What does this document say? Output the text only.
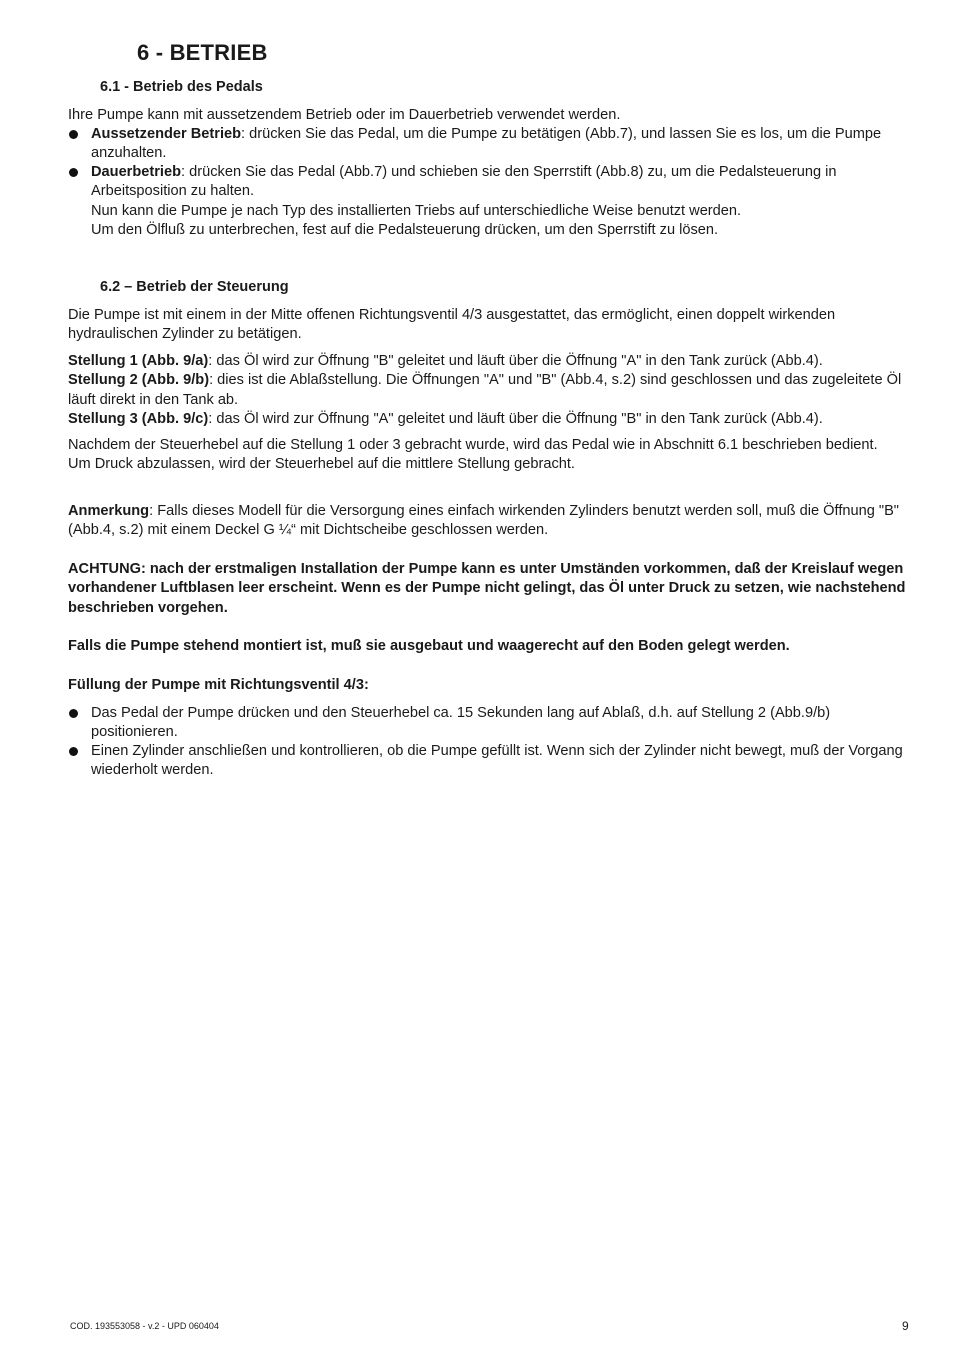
6 - BETRIEB
6.1 - Betrieb des Pedals

Ihre Pumpe kann mit aussetzendem Betrieb oder im Dauerbetrieb verwendet werden.

Aussetzender Betrieb: drücken Sie das Pedal, um die Pumpe zu betätigen (Abb.7), und lassen Sie es los, um die Pumpe anzuhalten.
Dauerbetrieb: drücken Sie das Pedal (Abb.7) und schieben sie den Sperrstift (Abb.8) zu, um die Pedalsteuerung in Arbeitsposition zu halten.
Nun kann die Pumpe je nach Typ des installierten Triebs auf unterschiedliche Weise benutzt werden.
Um den Ölfluß zu unterbrechen, fest auf die Pedalsteuerung drücken, um den Sperrstift zu lösen.
6.2 – Betrieb der Steuerung

Die Pumpe ist mit einem in der Mitte offenen Richtungsventil 4/3 ausgestattet, das ermöglicht, einen doppelt wirkenden hydraulischen Zylinder zu betätigen.

Stellung 1 (Abb. 9/a): das Öl wird zur Öffnung "B" geleitet und läuft über die Öffnung "A" in den Tank zurück (Abb.4).
Stellung 2 (Abb. 9/b): dies ist die Ablaßstellung. Die Öffnungen "A" und "B" (Abb.4, s.2) sind geschlossen und das zugeleitete Öl läuft direkt in den Tank ab.
Stellung 3 (Abb. 9/c): das Öl wird zur Öffnung "A" geleitet und läuft über die Öffnung "B" in den Tank zurück (Abb.4).
Nachdem der Steuerhebel auf die Stellung 1 oder 3 gebracht wurde, wird das Pedal wie in Abschnitt 6.1 beschrieben bedient.
Um Druck abzulassen, wird der Steuerhebel auf die mittlere Stellung gebracht.

Anmerkung: Falls dieses Modell für die Versorgung eines einfach wirkenden Zylinders benutzt werden soll, muß die Öffnung "B" (Abb.4, s.2) mit einem Deckel G ¼“ mit Dichtscheibe geschlossen werden.

ACHTUNG: nach der erstmaligen Installation der Pumpe kann es unter Umständen vorkommen, daß der Kreislauf wegen vorhandener Luftblasen leer erscheint. Wenn es der Pumpe nicht gelingt, das Öl unter Druck zu setzen, wie nachstehend beschrieben vorgehen.

Falls die Pumpe stehend montiert ist, muß sie ausgebaut und waagerecht auf den Boden gelegt werden.

Füllung der Pumpe mit Richtungsventil 4/3:

Das Pedal der Pumpe drücken und den Steuerhebel ca. 15 Sekunden lang auf Ablaß, d.h. auf Stellung 2 (Abb.9/b) positionieren.
Einen Zylinder anschließen und kontrollieren, ob die Pumpe gefüllt ist. Wenn sich der Zylinder nicht bewegt, muß der Vorgang wiederholt werden.
COD. 193553058 - v.2 - UPD 060404	9
